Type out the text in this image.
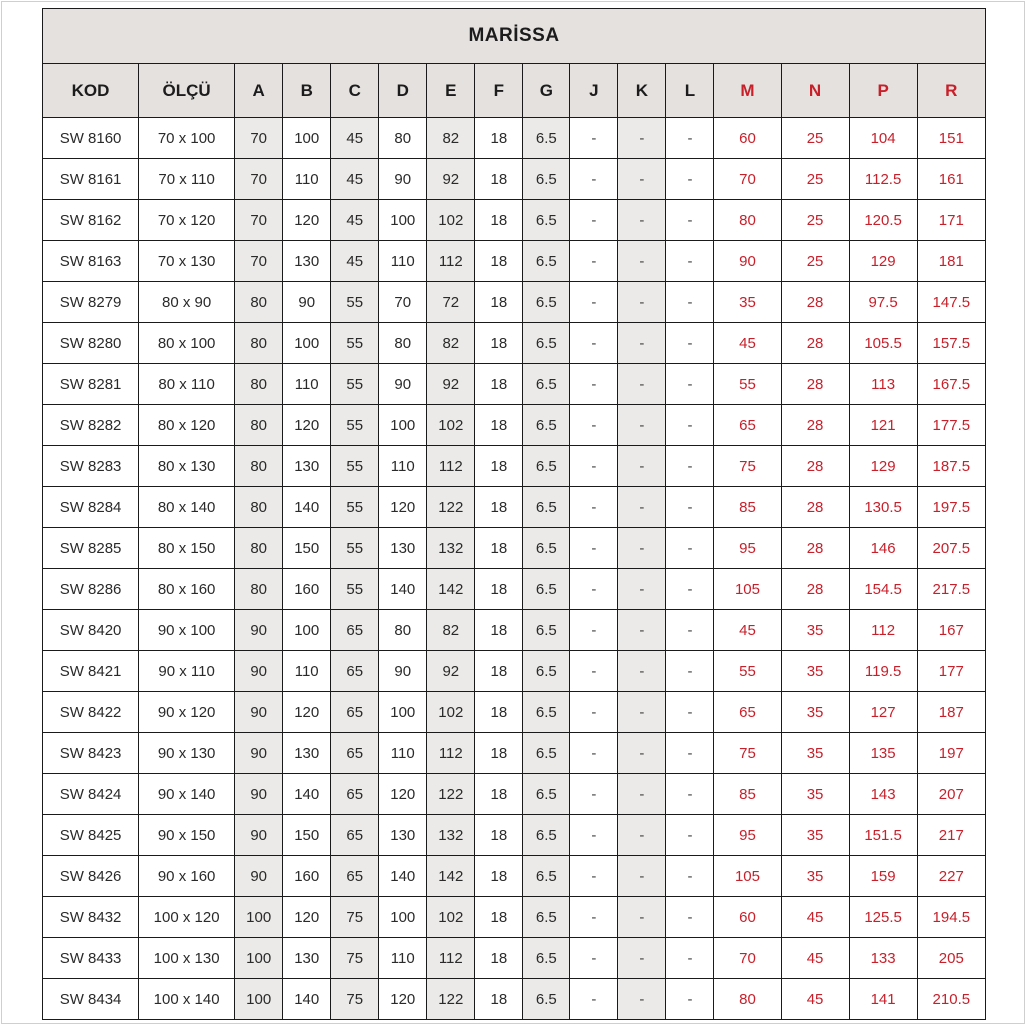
MARİSSA															
KOD	ÖLÇÜ	A	B	C	D	E	F	G	J	K	L	M	N	P	R
SW 8160	70 x 100	70	100	45	80	82	18	6.5	-	-	-	60	25	104	151
SW 8161	70 x 110	70	110	45	90	92	18	6.5	-	-	-	70	25	112.5	161
SW 8162	70 x 120	70	120	45	100	102	18	6.5	-	-	-	80	25	120.5	171
SW 8163	70 x 130	70	130	45	110	112	18	6.5	-	-	-	90	25	129	181
SW 8279	80 x 90	80	90	55	70	72	18	6.5	-	-	-	35	28	97.5	147.5
SW 8280	80 x 100	80	100	55	80	82	18	6.5	-	-	-	45	28	105.5	157.5
SW 8281	80 x 110	80	110	55	90	92	18	6.5	-	-	-	55	28	113	167.5
SW 8282	80 x 120	80	120	55	100	102	18	6.5	-	-	-	65	28	121	177.5
SW 8283	80 x 130	80	130	55	110	112	18	6.5	-	-	-	75	28	129	187.5
SW 8284	80 x 140	80	140	55	120	122	18	6.5	-	-	-	85	28	130.5	197.5
SW 8285	80 x 150	80	150	55	130	132	18	6.5	-	-	-	95	28	146	207.5
SW 8286	80 x 160	80	160	55	140	142	18	6.5	-	-	-	105	28	154.5	217.5
SW 8420	90 x 100	90	100	65	80	82	18	6.5	-	-	-	45	35	112	167
SW 8421	90 x 110	90	110	65	90	92	18	6.5	-	-	-	55	35	119.5	177
SW 8422	90 x 120	90	120	65	100	102	18	6.5	-	-	-	65	35	127	187
SW 8423	90 x 130	90	130	65	110	112	18	6.5	-	-	-	75	35	135	197
SW 8424	90 x 140	90	140	65	120	122	18	6.5	-	-	-	85	35	143	207
SW 8425	90 x 150	90	150	65	130	132	18	6.5	-	-	-	95	35	151.5	217
SW 8426	90 x 160	90	160	65	140	142	18	6.5	-	-	-	105	35	159	227
SW 8432	100 x 120	100	120	75	100	102	18	6.5	-	-	-	60	45	125.5	194.5
SW 8433	100 x 130	100	130	75	110	112	18	6.5	-	-	-	70	45	133	205
SW 8434	100 x 140	100	140	75	120	122	18	6.5	-	-	-	80	45	141	210.5
